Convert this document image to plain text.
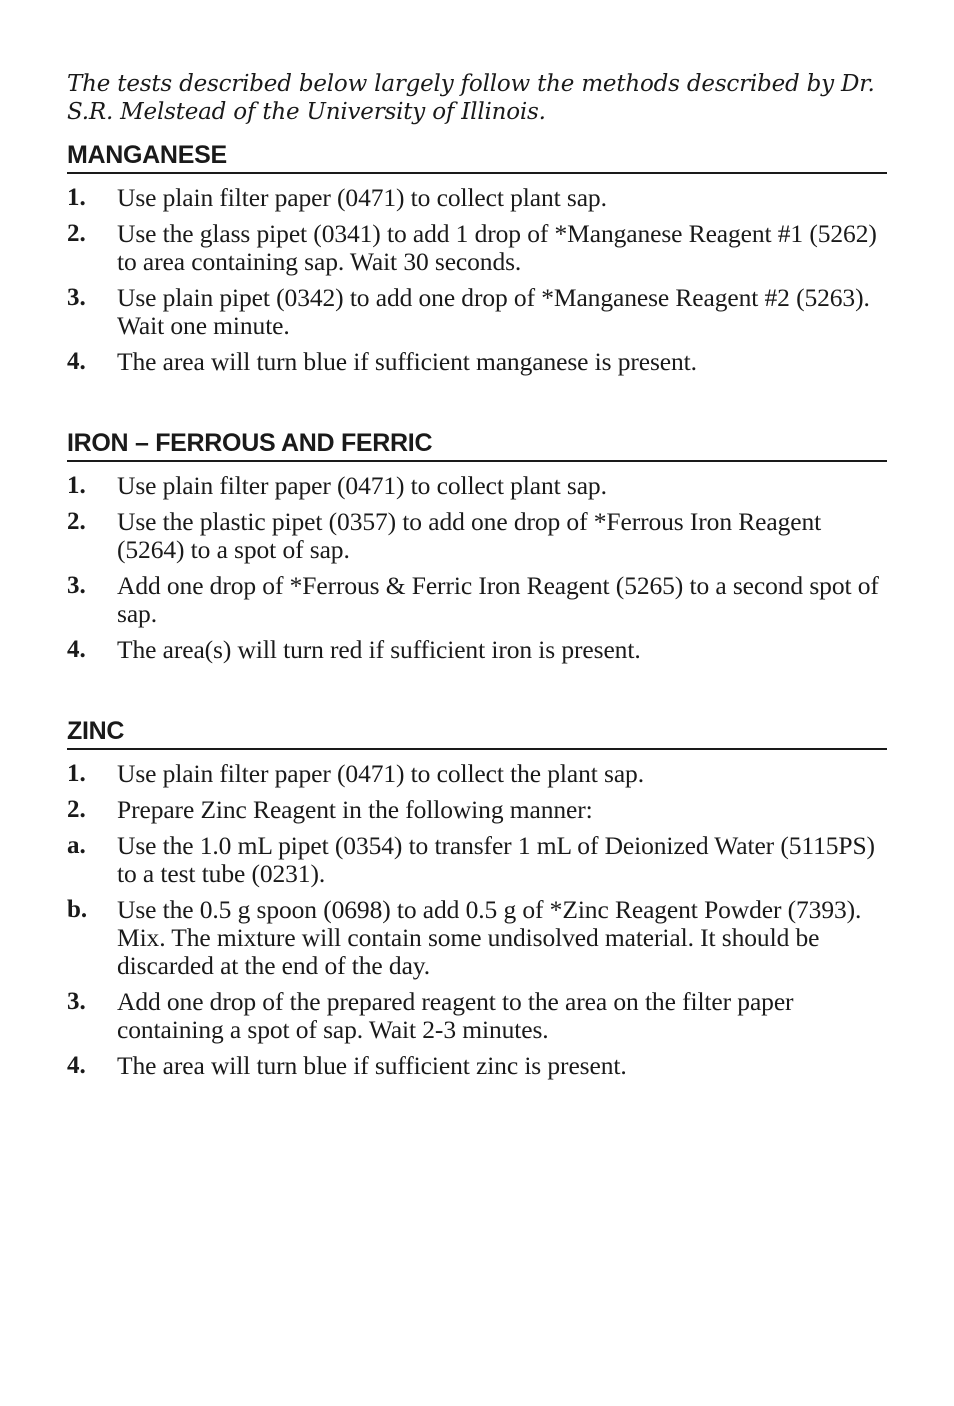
The tests described below largely follow the methods described by Dr. S.R. Melstead of the University of Illinois.

MANGANESE
1.	Use plain filter paper (0471) to collect plant sap.
2.	Use the glass pipet (0341) to add 1 drop of *Manganese Reagent #1 (5262) to area containing sap. Wait 30 seconds.
3.	Use plain pipet (0342) to add one drop of *Manganese Reagent #2 (5263). Wait one minute.
4.	The area will turn blue if sufficient manganese is present.
IRON – FERROUS AND FERRIC
1.	Use plain filter paper (0471) to collect plant sap.
2.	Use the plastic pipet (0357) to add one drop of *Ferrous Iron Reagent (5264) to a spot of sap.
3.	Add one drop of *Ferrous & Ferric Iron Reagent (5265) to a second spot of sap.
4.	The area(s) will turn red if sufficient iron is present.
ZINC
1.	Use plain filter paper (0471) to collect the plant sap.
2.	Prepare Zinc Reagent in the following manner:
a.	Use the 1.0 mL pipet (0354) to transfer 1 mL of Deionized Water (5115PS) to a test tube (0231).
b.	Use the 0.5 g spoon (0698) to add 0.5 g of *Zinc Reagent Powder (7393). Mix. The mixture will contain some undisolved material. It should be discarded at the end of the day.
3.	Add one drop of the prepared reagent to the area on the filter paper containing a spot of sap. Wait 2-3 minutes.
4.	The area will turn blue if sufficient zinc is present.
